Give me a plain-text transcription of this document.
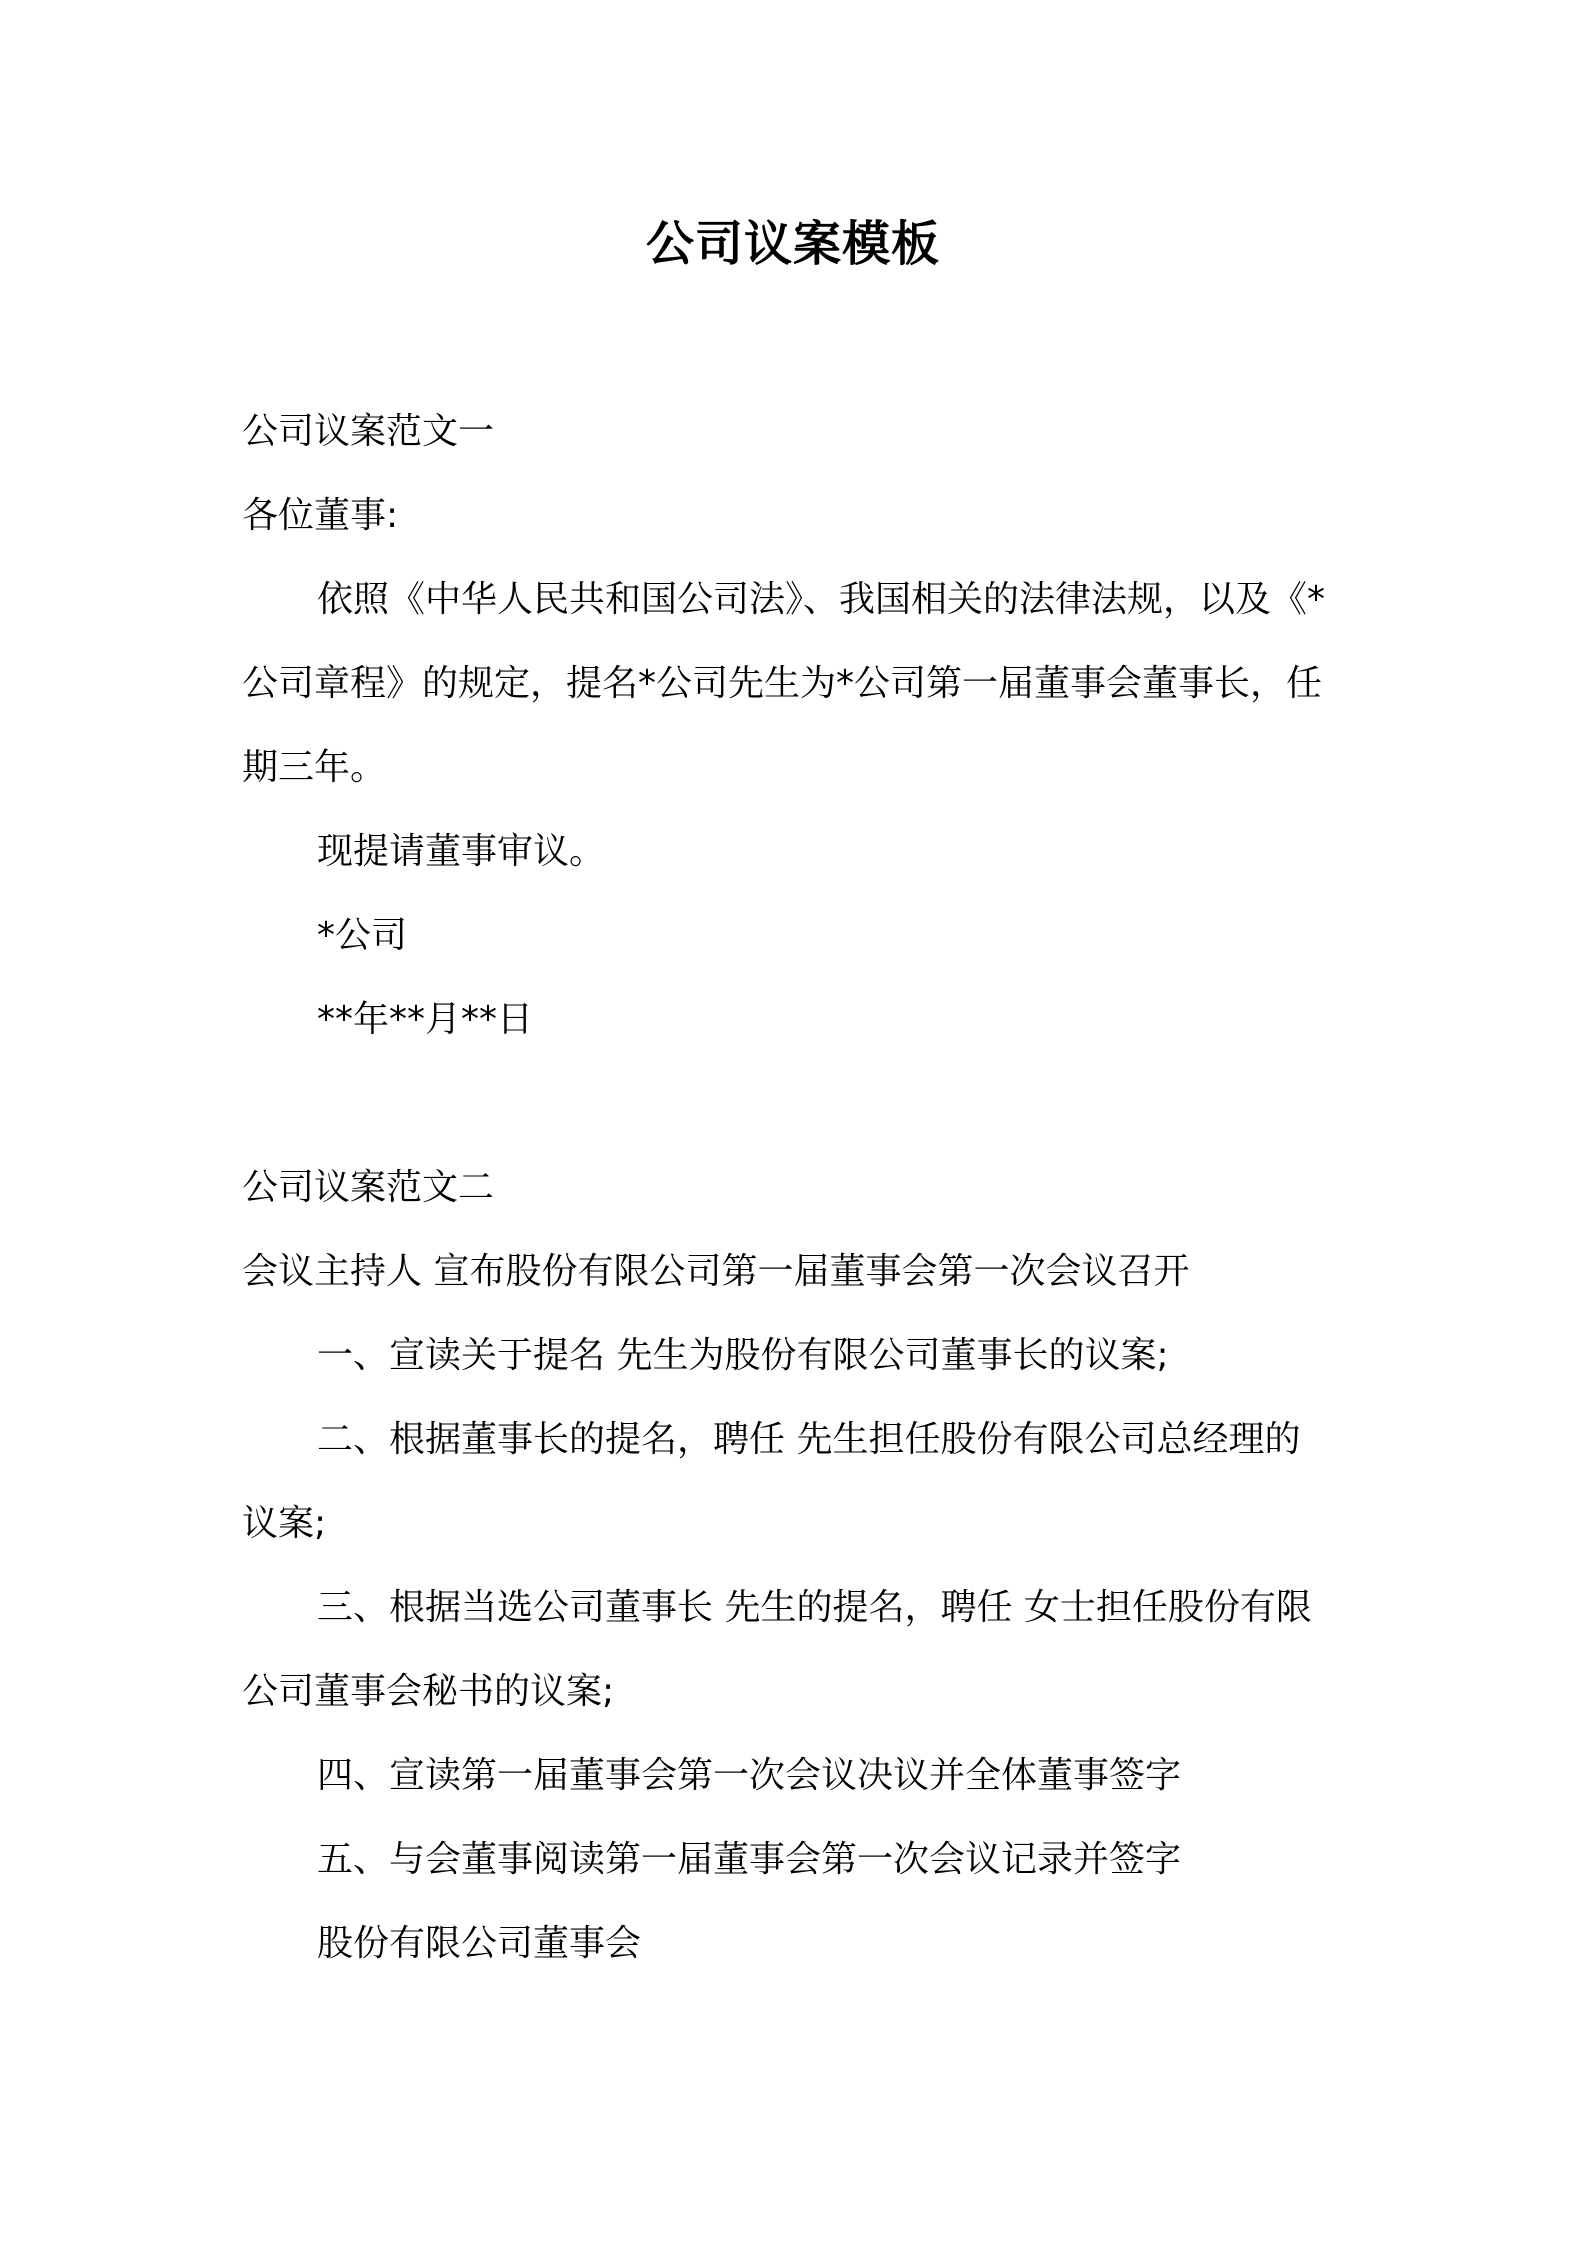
公司议案模板
公司议案范文一
各位董事:
依照《中华人民共和国公司法》、我国相关的法律法规，以及《*
公司章程》的规定，提名*公司先生为*公司第一届董事会董事长，任
期三年。
现提请董事审议。
*公司
**年**月**日
公司议案范文二
会议主持人 宣布股份有限公司第一届董事会第一次会议召开
一、宣读关于提名 先生为股份有限公司董事长的议案;
二、根据董事长的提名，聘任 先生担任股份有限公司总经理的
议案;
三、根据当选公司董事长 先生的提名，聘任 女士担任股份有限
公司董事会秘书的议案;
四、宣读第一届董事会第一次会议决议并全体董事签字
五、与会董事阅读第一届董事会第一次会议记录并签字
股份有限公司董事会
